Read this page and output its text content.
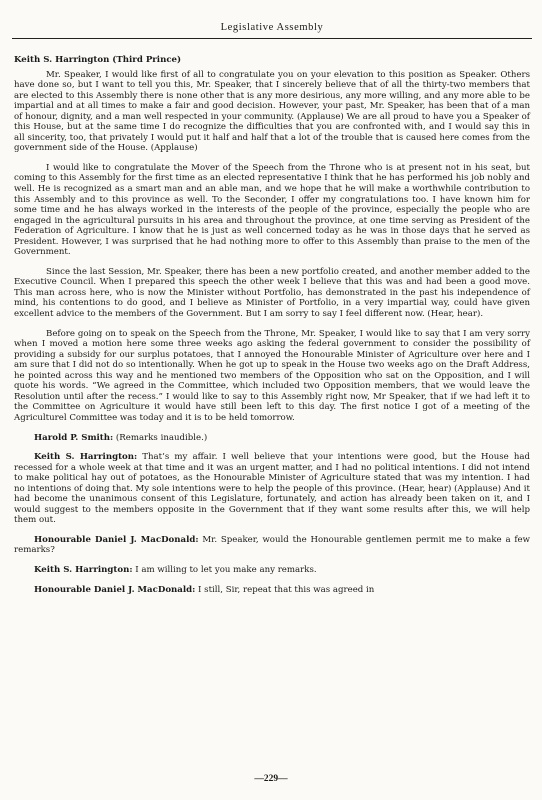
Legislative Assembly
Keith S. Harrington (Third Prince)

Mr. Speaker, I would like first of all to congratulate you on your elevation to this position as Speaker. Others have done so, but I want to tell you this, Mr. Speaker, that I sincerely believe that of all the thirty-two members that are elected to this Assembly there is none other that is any more desirious, any more willing, and any more able to be impartial and at all times to make a fair and good decision. However, your past, Mr. Speaker, has been that of a man of honour, dignity, and a man well respected in your community. (Applause) We are all proud to have you a Speaker of this House, but at the same time I do recognize the difficulties that you are confronted with, and I would say this in all sincerity, too, that privately I would put it half and half that a lot of the trouble that is caused here comes from the government side of the House. (Applause)

I would like to congratulate the Mover of the Speech from the Throne who is at present not in his seat, but coming to this Assembly for the first time as an elected representative I think that he has performed his job nobly and well. He is recognized as a smart man and an able man, and we hope that he will make a worthwhile contribution to this Assembly and to this province as well. To the Seconder, I offer my congratulations too. I have known him for some time and he has always worked in the interests of the people of the province, especially the people who are engaged in the agricultural pursuits in his area and throughout the province, at one time serving as President of the Federation of Agriculture. I know that he is just as well concerned today as he was in those days that he served as President. However, I was surprised that he had nothing more to offer to this Assembly than praise to the men of the Government.

Since the last Session, Mr. Speaker, there has been a new portfolio created, and another member added to the Executive Council. When I prepared this speech the other week I believe that this was and had been a good move. This man across here, who is now the Minister without Portfolio, has demonstrated in the past his independence of mind, his contentions to do good, and I believe as Minister of Portfolio, in a very impartial way, could have given excellent advice to the members of the Government. But I am sorry to say I feel different now. (Hear, hear).

Before going on to speak on the Speech from the Throne, Mr. Speaker, I would like to say that I am very sorry when I moved a motion here some three weeks ago asking the federal government to consider the possibility of providing a subsidy for our surplus potatoes, that I annoyed the Honourable Minister of Agriculture over here and I am sure that I did not do so intentionally. When he got up to speak in the House two weeks ago on the Draft Address, he pointed across this way and he mentioned two members of the Opposition who sat on the Opposition, and I will quote his words. “We agreed in the Committee, which included two Opposition members, that we would leave the Resolution until after the recess.” I would like to say to this Assembly right now, Mr Speaker, that if we had left it to the Committee on Agriculture it would have still been left to this day. The first notice I got of a meeting of the Agriculturel Committee was today and it is to be held tomorrow.

Harold P. Smith: (Remarks inaudible.)

Keith S. Harrington: That’s my affair. I well believe that your intentions were good, but the House had recessed for a whole week at that time and it was an urgent matter, and I had no political intentions. I did not intend to make political hay out of potatoes, as the Honourable Minister of Agriculture stated that was my intention. I had no intentions of doing that. My sole intentions were to help the people of this province. (Hear, hear) (Applause) And it had become the unanimous consent of this Legislature, fortunately, and action has already been taken on it, and I would suggest to the members opposite in the Government that if they want some results after this, we will help them out.

Honourable Daniel J. MacDonald: Mr. Speaker, would the Honourable gentlemen permit me to make a few remarks?

Keith S. Harrington: I am willing to let you make any remarks.

Honourable Daniel J. MacDonald: I still, Sir, repeat that this was agreed in

—229—
